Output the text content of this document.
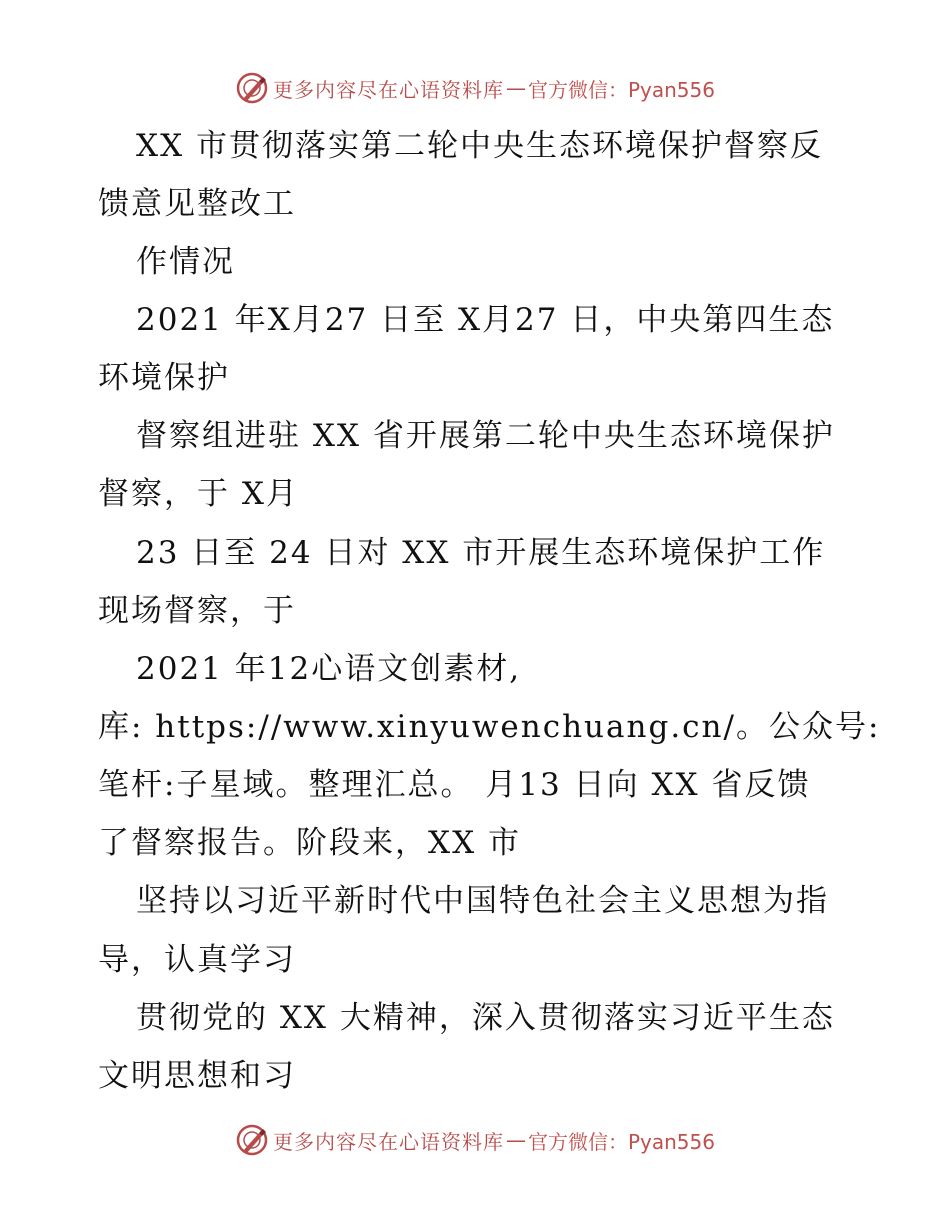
更多内容尽在心语资料库 — 官方微信：Pyan556
XX 市贯彻落实第二轮中央生态环境保护督察反
馈意见整改工
作情况
2021 年X月27 日至 X月27 日，中央第四生态
环境保护
督察组进驻 XX 省开展第二轮中央生态环境保护
督察，于 X月
23 日至 24 日对 XX 市开展生态环境保护工作
现场督察，于
2021 年12心语文创素材,
库: https://www.xinyuwenchuang.cn/。公众号:
笔杆:子星域。整理汇总。 月13 日向 XX 省反馈
了督察报告。阶段来，XX 市
坚持以习近平新时代中国特色社会主义思想为指
导，认真学习
贯彻党的 XX 大精神，深入贯彻落实习近平生态
文明思想和习
更多内容尽在心语资料库 — 官方微信：Pyan556
